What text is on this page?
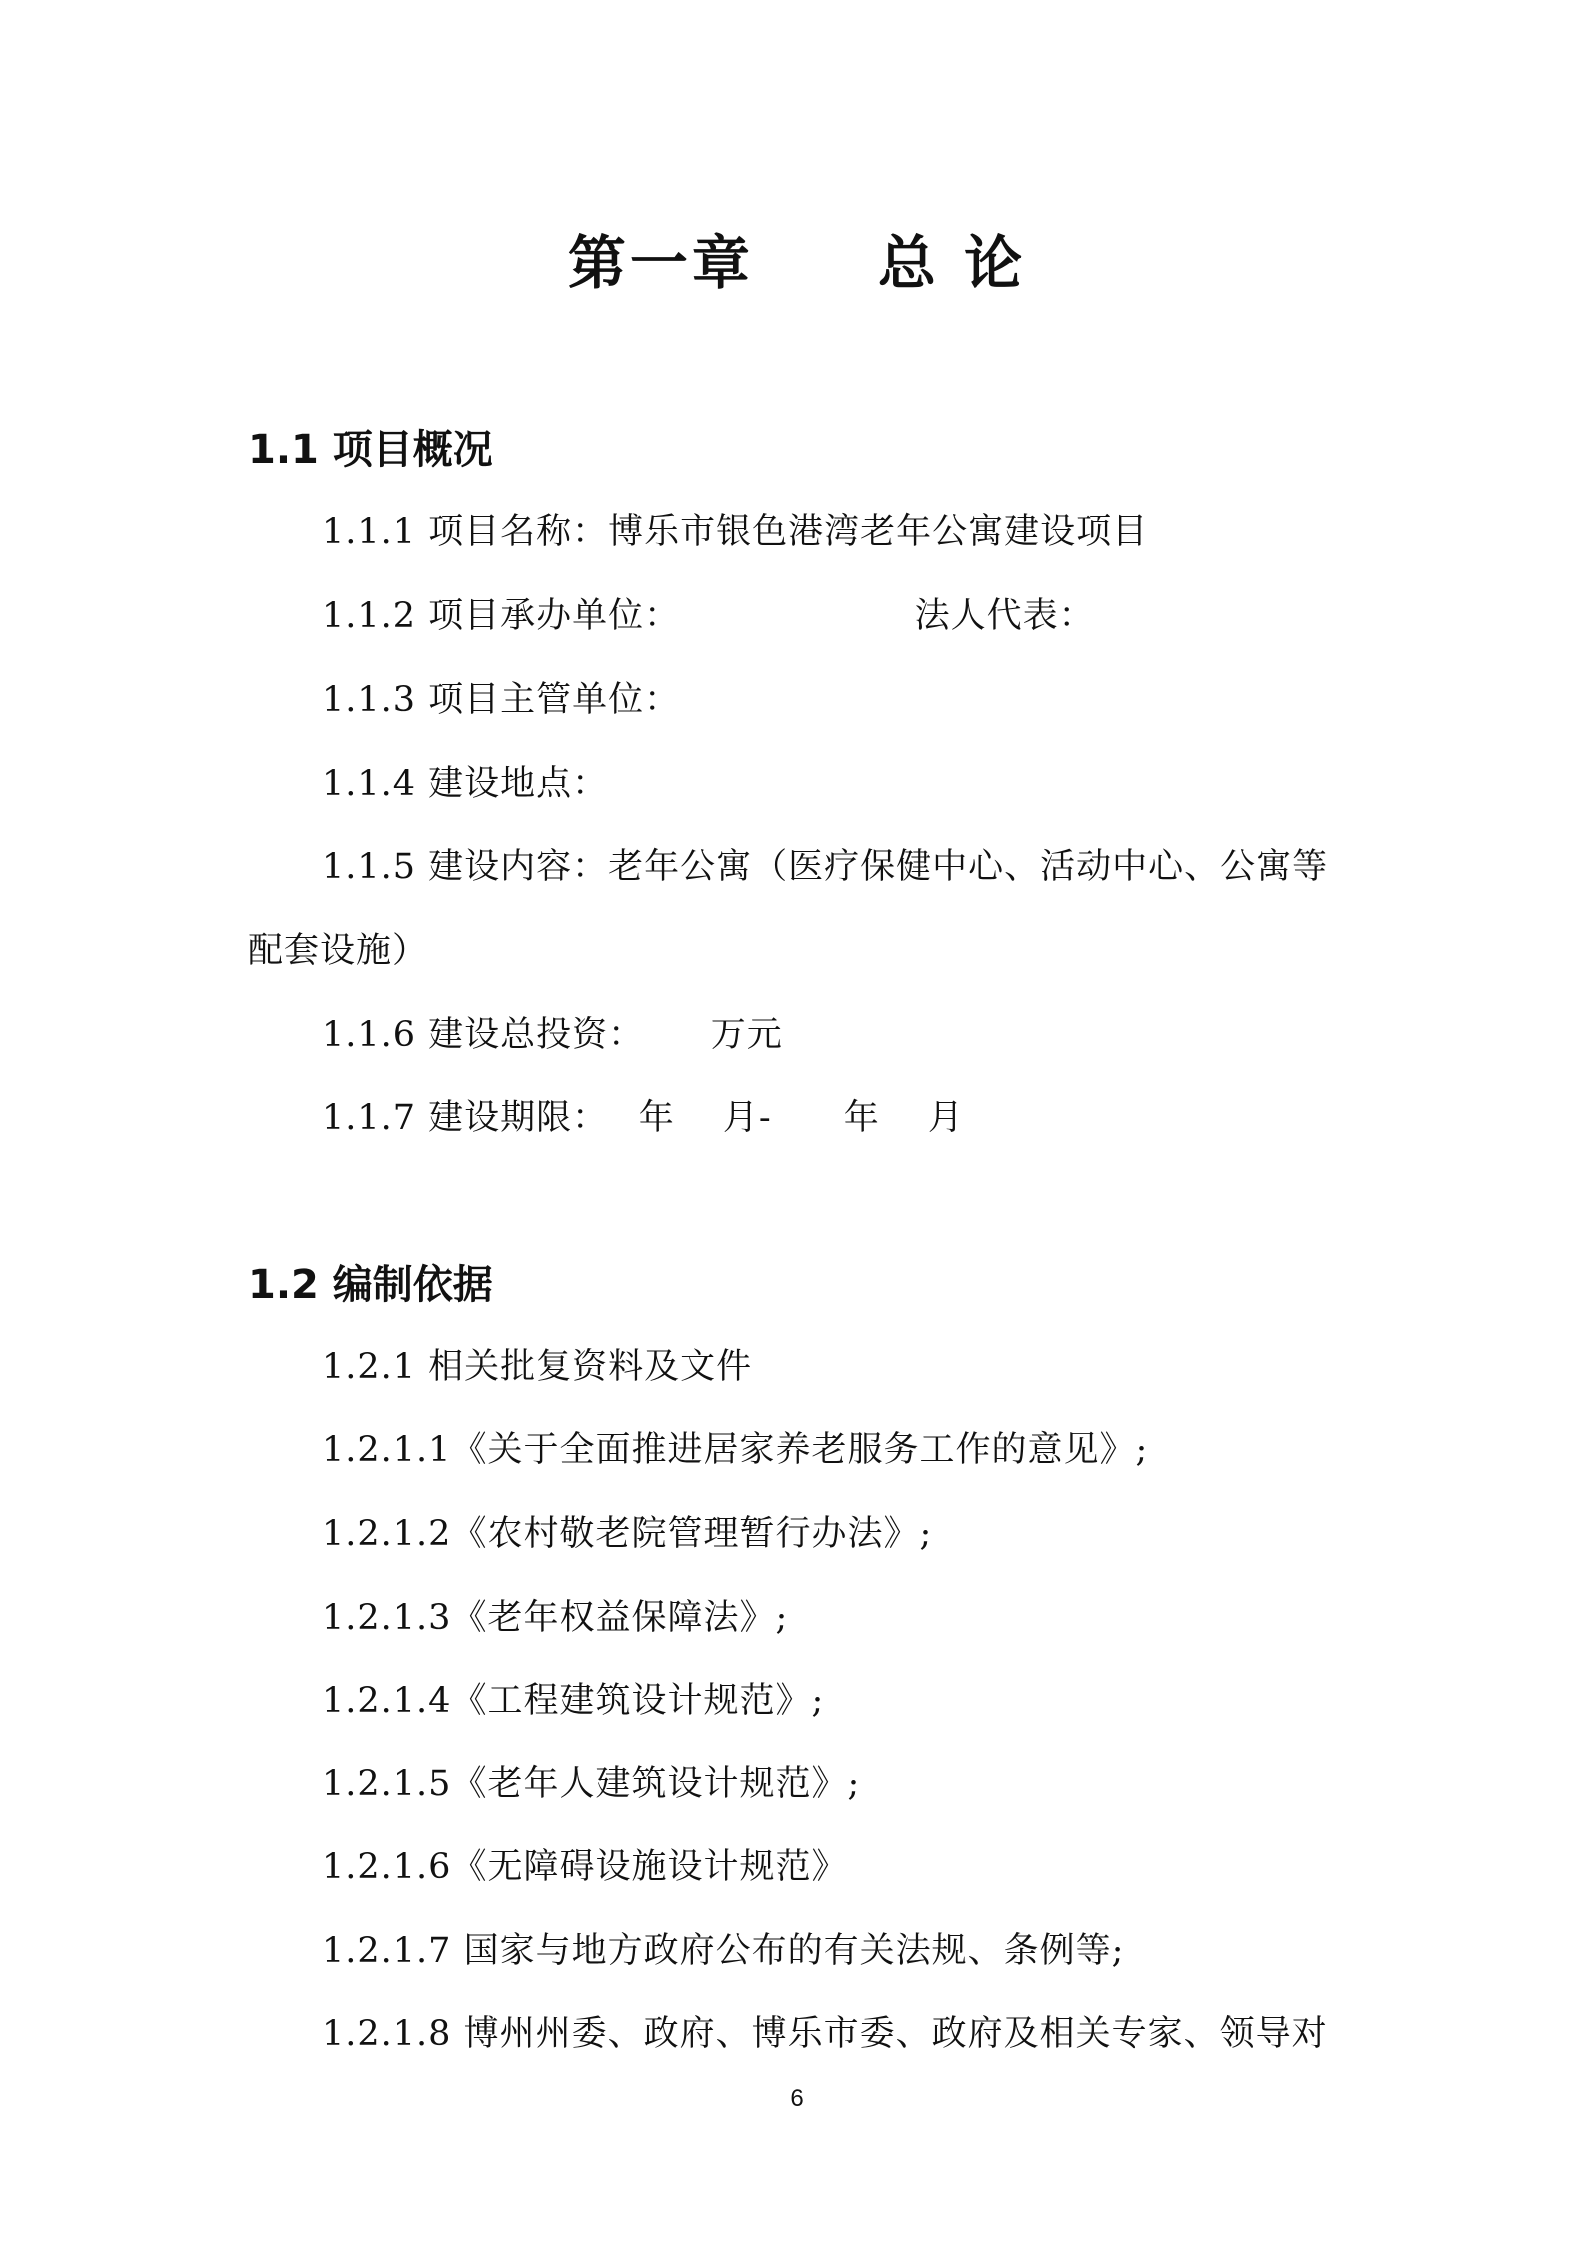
第一章　　总 论
1.1 项目概况
1.1.1 项目名称：博乐市银色港湾老年公寓建设项目
1.1.2 项目承办单位：　　　　　　　法人代表：
1.1.3 项目主管单位：
1.1.4 建设地点：
1.1.5 建设内容：老年公寓（医疗保健中心、活动中心、公寓等
配套设施）
1.1.6 建设总投资：　　 万元
1.1.7 建设期限：　 年　 月-　　年　 月
1.2 编制依据
1.2.1 相关批复资料及文件
1.2.1.1《关于全面推进居家养老服务工作的意见》;
1.2.1.2《农村敬老院管理暂行办法》;
1.2.1.3《老年权益保障法》;
1.2.1.4《工程建筑设计规范》;
1.2.1.5《老年人建筑设计规范》;
1.2.1.6《无障碍设施设计规范》
1.2.1.7 国家与地方政府公布的有关法规、条例等;
1.2.1.8 博州州委、政府、博乐市委、政府及相关专家、领导对
6
